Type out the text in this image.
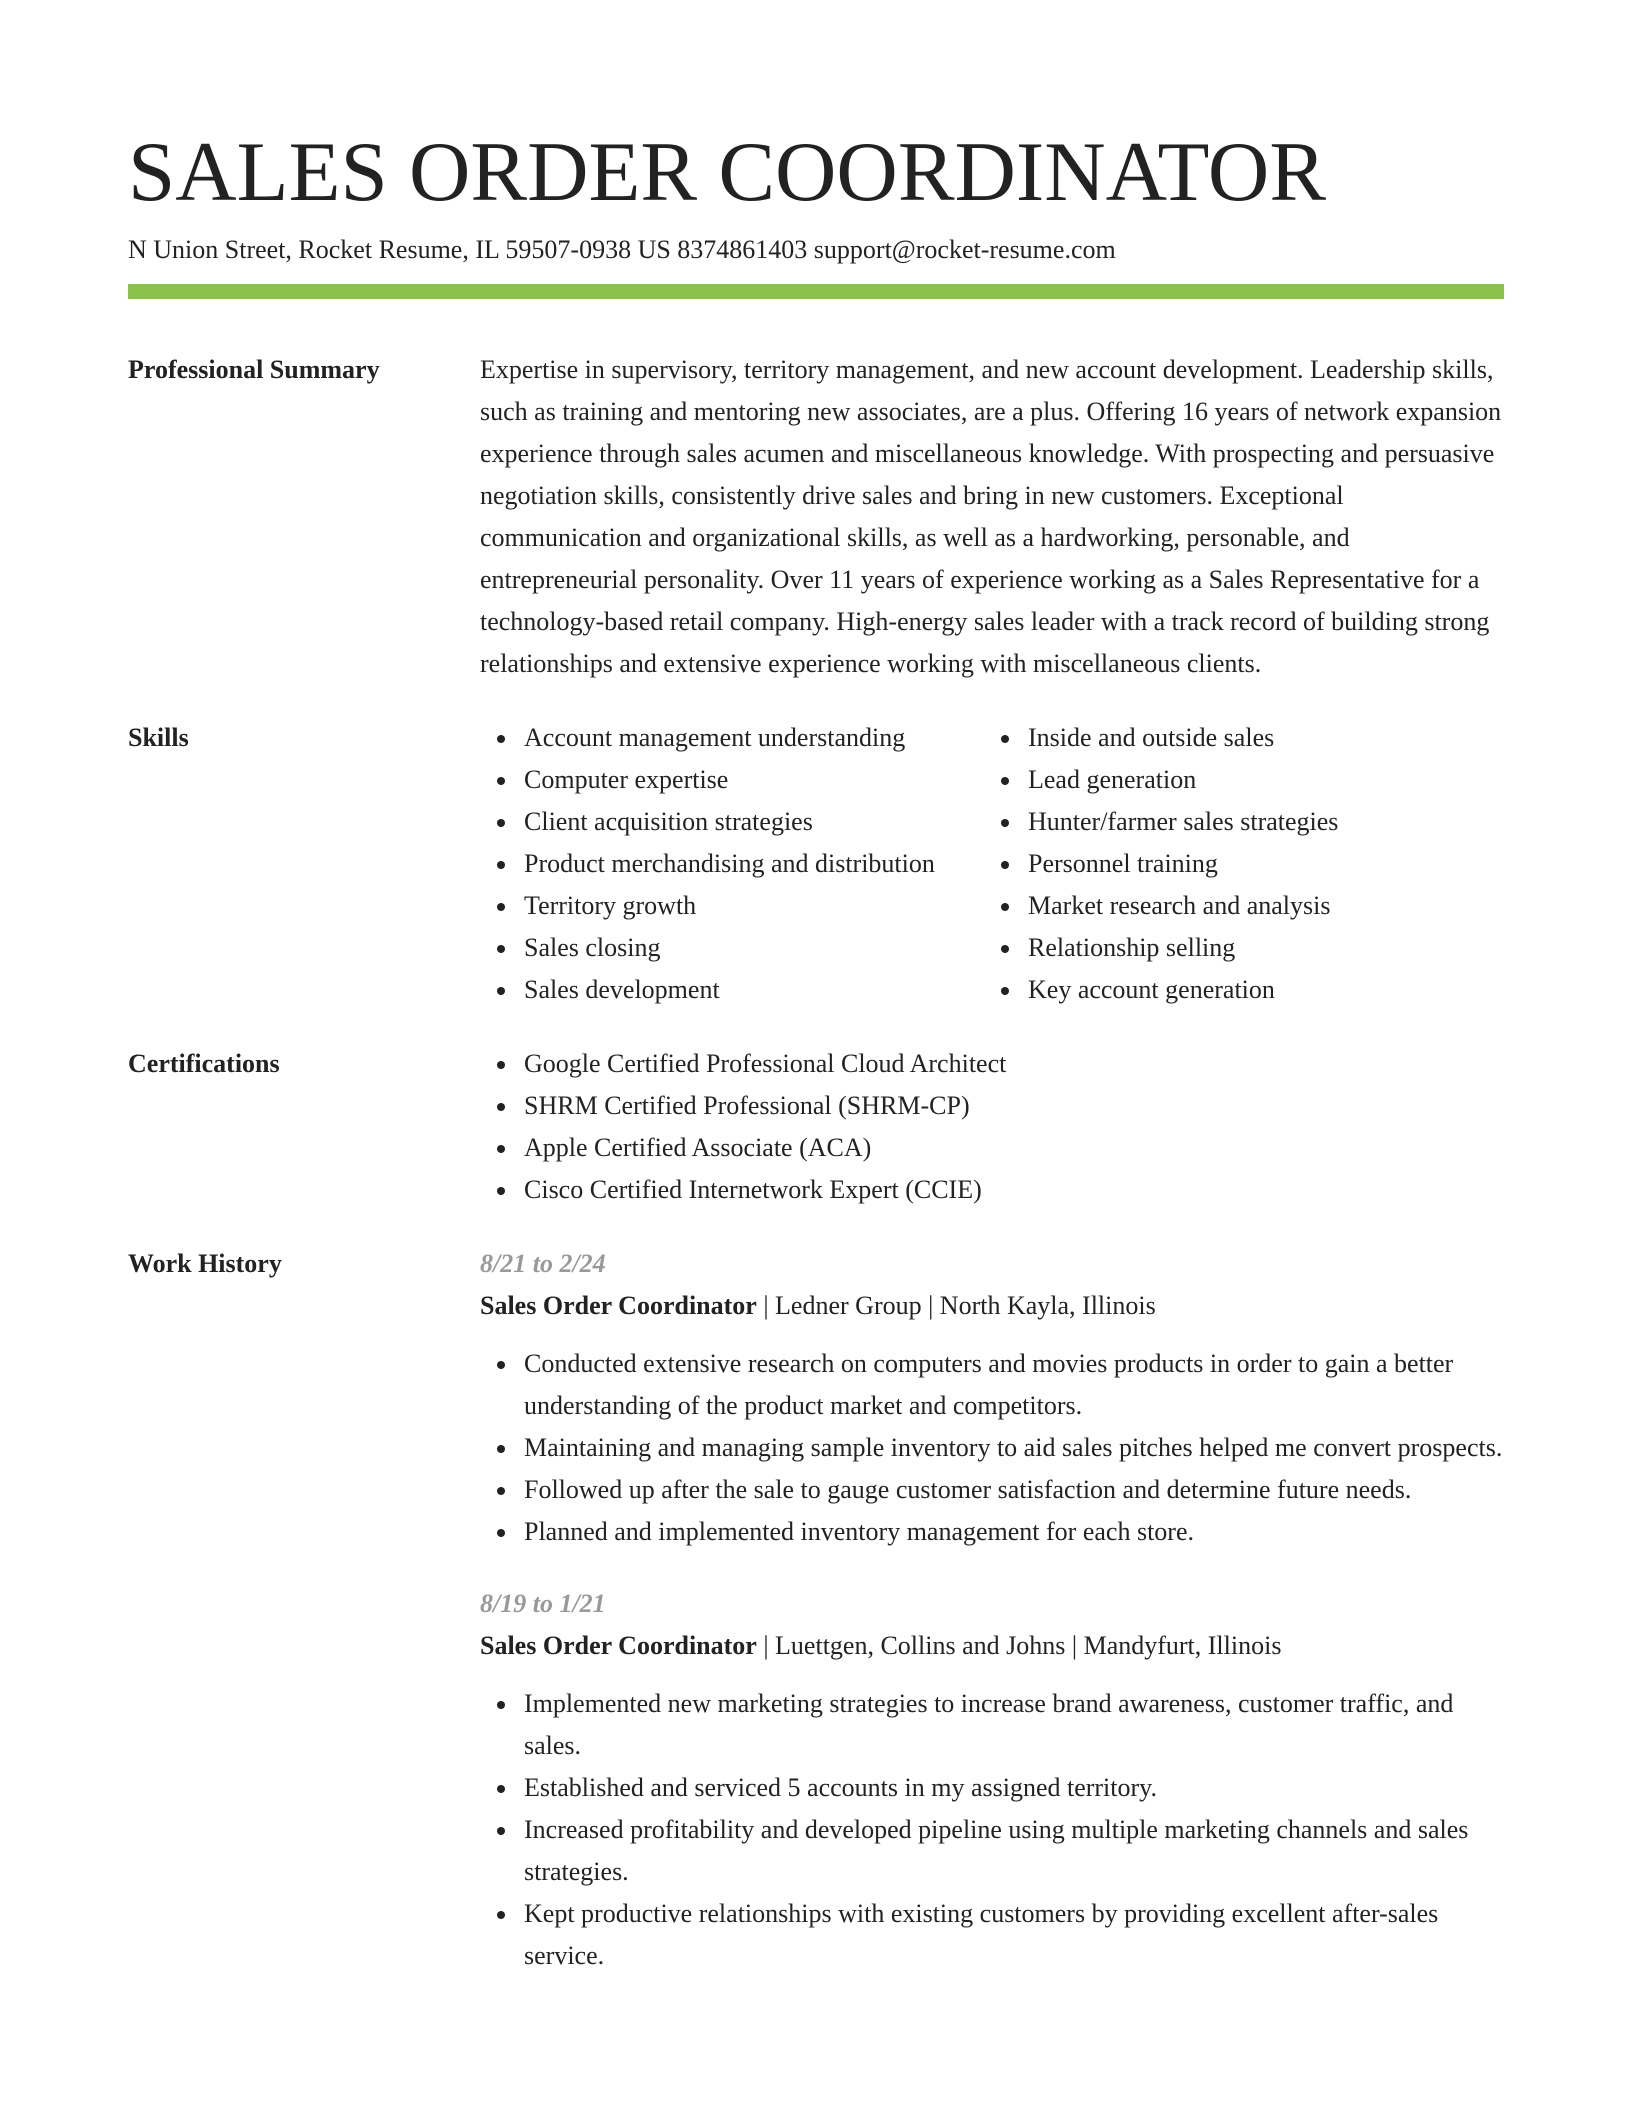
SALES ORDER COORDINATOR
N Union Street, Rocket Resume, IL 59507-0938 US 8374861403 support@rocket-resume.com
Professional Summary	Expertise in supervisory, territory management, and new account development. Leadership skills, such as training and mentoring new associates, are a plus. Offering 16 years of network expansion experience through sales acumen and miscellaneous knowledge. With prospecting and persuasive negotiation skills, consistently drive sales and bring in new customers. Exceptional communication and organizational skills, as well as a hardworking, personable, and entrepreneurial personality. Over 11 years of experience working as a Sales Representative for a technology-based retail company. High-energy sales leader with a track record of building strong relationships and extensive experience working with miscellaneous clients.
Skills	Account management understanding
Computer expertise
Client acquisition strategies
Product merchandising and distribution
Territory growth
Sales closing
Sales development
Inside and outside sales
Lead generation
Hunter/farmer sales strategies
Personnel training
Market research and analysis
Relationship selling
Key account generation
Certifications	Google Certified Professional Cloud Architect
SHRM Certified Professional (SHRM-CP)
Apple Certified Associate (ACA)
Cisco Certified Internetwork Expert (CCIE)
Work History	8/21 to 2/24
Sales Order Coordinator | Ledner Group | North Kayla, Illinois
Conducted extensive research on computers and movies products in order to gain a better understanding of the product market and competitors.
Maintaining and managing sample inventory to aid sales pitches helped me convert prospects.
Followed up after the sale to gauge customer satisfaction and determine future needs.
Planned and implemented inventory management for each store.
8/19 to 1/21
Sales Order Coordinator | Luettgen, Collins and Johns | Mandyfurt, Illinois
Implemented new marketing strategies to increase brand awareness, customer traffic, and sales.
Established and serviced 5 accounts in my assigned territory.
Increased profitability and developed pipeline using multiple marketing channels and sales strategies.
Kept productive relationships with existing customers by providing excellent after-sales service.
